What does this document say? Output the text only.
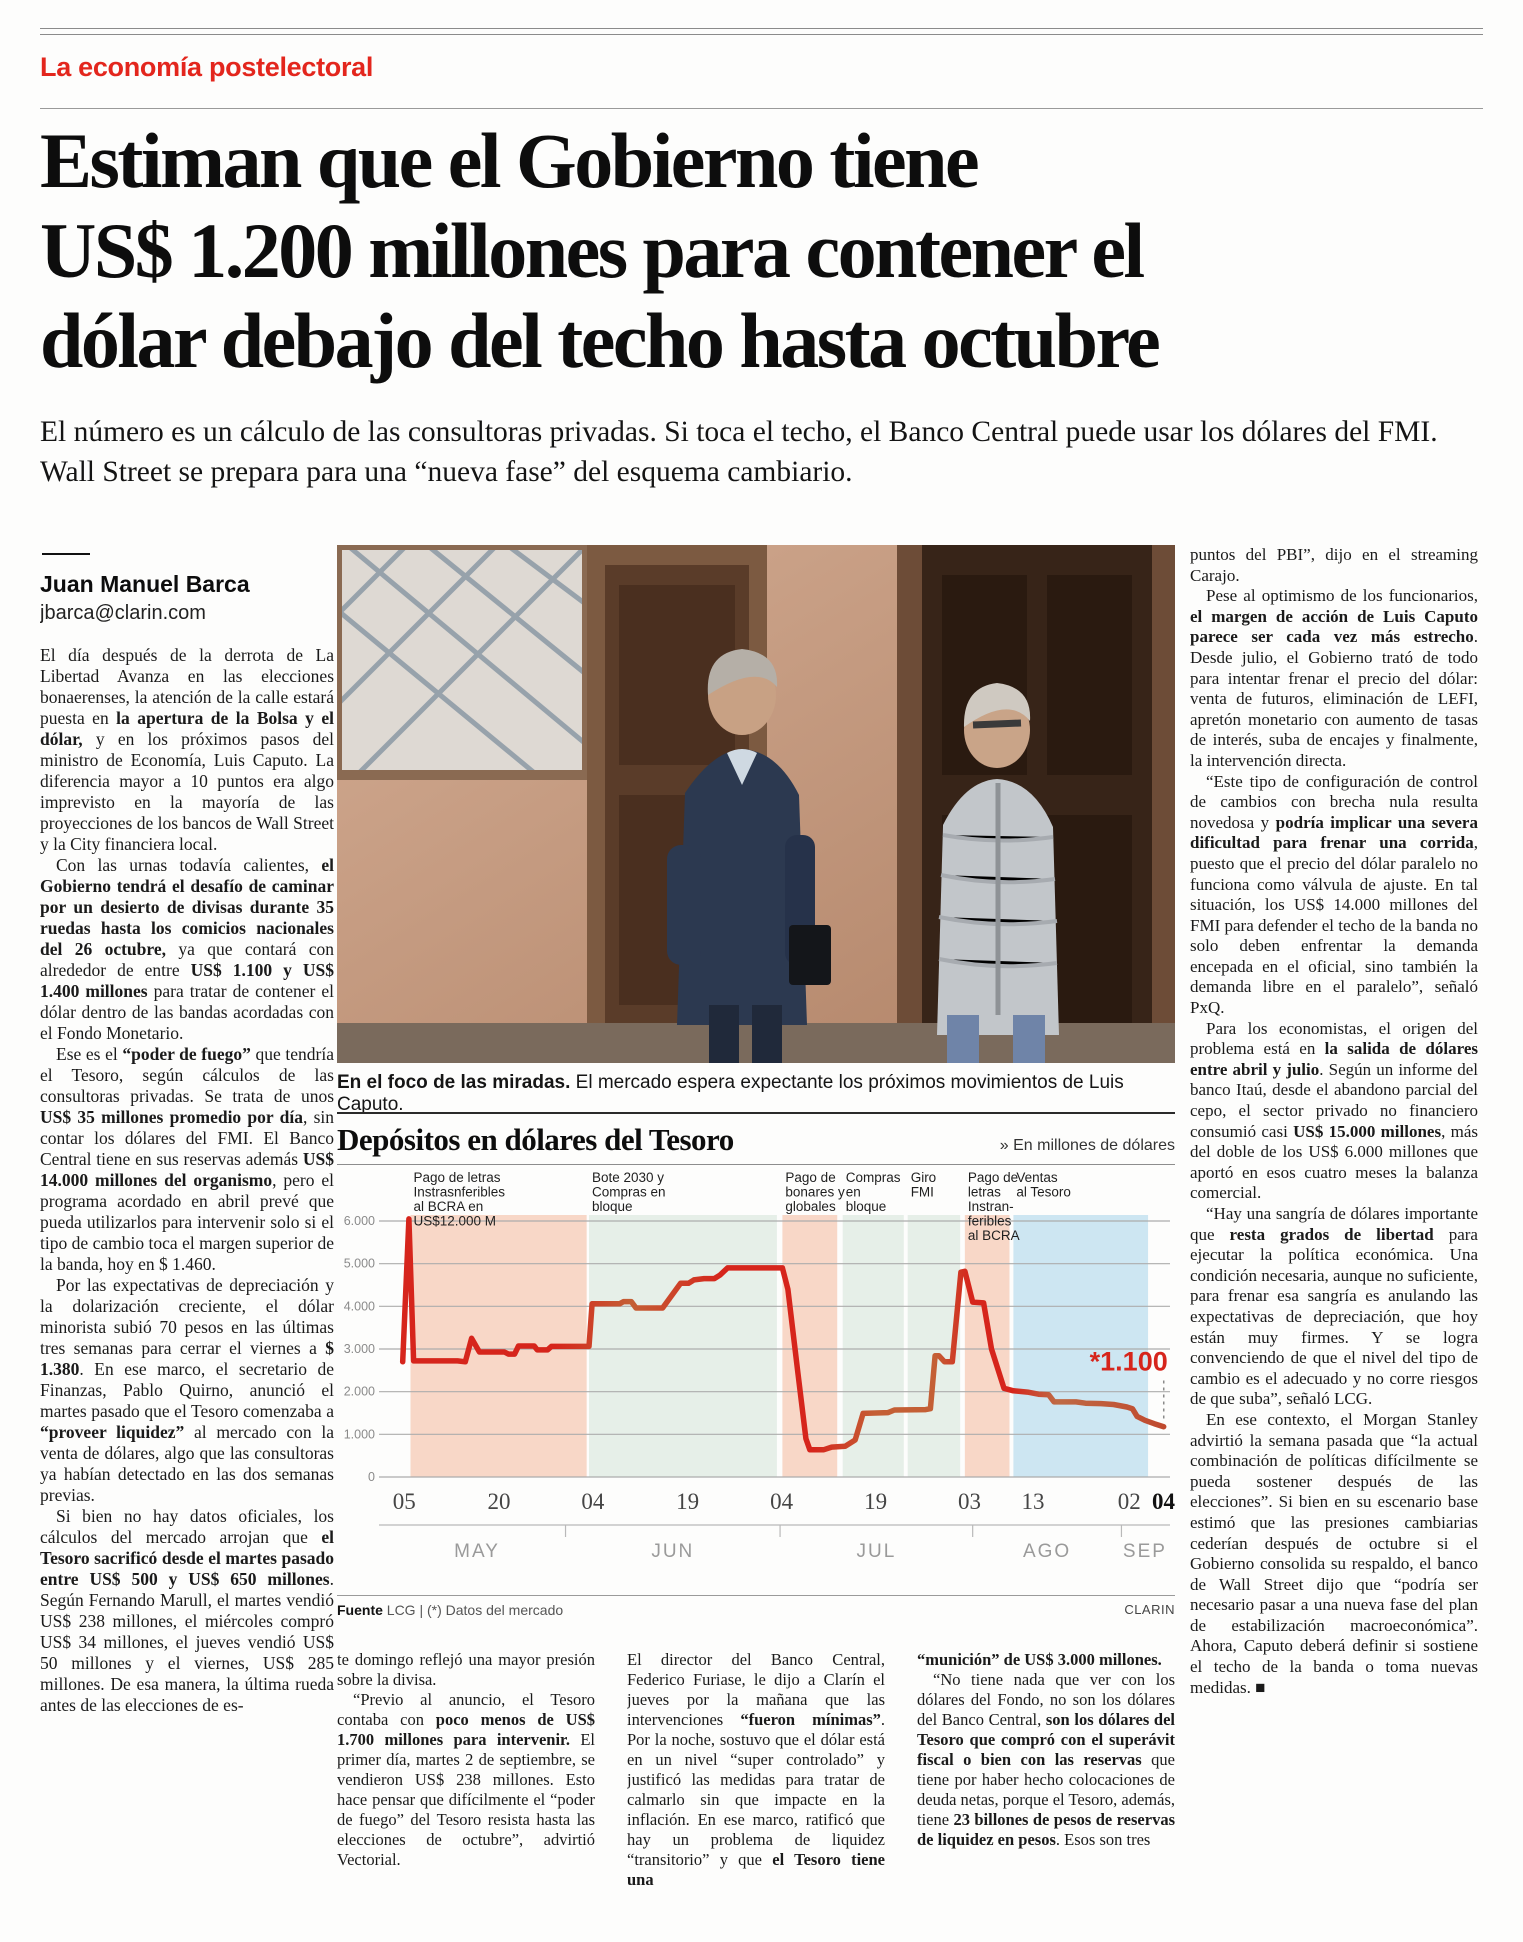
La economía postelectoral

Estiman que el Gobierno tiene

US$ 1.200 millones para contener el

dólar debajo del techo hasta octubre

El número es un cálculo de las consultoras privadas. Si toca el techo, el Banco Central puede usar los dólares del FMI. Wall Street se prepara para una “nueva fase” del esquema cambiario.
Juan Manuel Barca
jbarca@clarin.com

El día después de la derrota de La Libertad Avanza en las elecciones bonaerenses, la atención de la calle estará puesta en la apertura de la Bolsa y el dólar, y en los próximos pasos del ministro de Economía, Luis Caputo. La diferencia mayor a 10 puntos era algo imprevisto en la mayoría de las proyecciones de los bancos de Wall Street y la City financiera local.

Con las urnas todavía calientes, el Gobierno tendrá el desafío de caminar por un desierto de divisas durante 35 ruedas hasta los comicios nacionales del 26 octubre, ya que contará con alrededor de entre US$ 1.100 y US$ 1.400 millones para tratar de contener el dólar dentro de las bandas acordadas con el Fondo Monetario.

Ese es el “poder de fuego” que tendría el Tesoro, según cálculos de las consultoras privadas. Se trata de unos US$ 35 millones promedio por día, sin contar los dólares del FMI. El Banco Central tiene en sus reservas además US$ 14.000 millones del organismo, pero el programa acordado en abril prevé que pueda utilizarlos para intervenir solo si el tipo de cambio toca el margen superior de la banda, hoy en $ 1.460.

Por las expectativas de depreciación y la dolarización creciente, el dólar minorista subió 70 pesos en las últimas tres semanas para cerrar el viernes a $ 1.380. En ese marco, el secretario de Finanzas, Pablo Quirno, anunció el martes pasado que el Tesoro comenzaba a “proveer liquidez” al mercado con la venta de dólares, algo que las consultoras ya habían detectado en las dos semanas previas.

Si bien no hay datos oficiales, los cálculos del mercado arrojan que el Tesoro sacrificó desde el martes pasado entre US$ 500 y US$ 650 millones. Según Fernando Marull, el martes vendió US$ 238 millones, el miércoles compró US$ 34 millones, el jueves vendió US$ 50 millones y el viernes, US$ 285 millones. De esa manera, la última rueda antes de las elecciones de es-

En el foco de las miradas. El mercado espera expectante los próximos movimientos de Luis Caputo.
Depósitos en dólares del Tesoro	» En millones de dólares
0
1.000
2.000
3.000
4.000
5.000
6.000
Pago de letras
Instrasnferibles
al BCRA en
US$12.000 M
Bote 2030 y
Compras en
bloque
Pago de
bonares y
globales
Compras
en
bloque
Giro
FMI
Pago de
letras
Instran-
feribles
al BCRA
Ventas
al Tesoro
*1.100
05	20	04	19	04	19	03 13	02 04
MAY	JUN	JUL	AGO	SEP
Fuente LCG | (*) Datos del mercado	CLARIN

te domingo reflejó una mayor presión sobre la divisa.

“Previo al anuncio, el Tesoro contaba con poco menos de US$ 1.700 millones para intervenir. El primer día, martes 2 de septiembre, se vendieron US$ 238 millones. Esto hace pensar que difícilmente el “poder de fuego” del Tesoro resista hasta las elecciones de octubre”, advirtió Vectorial.

El director del Banco Central, Federico Furiase, le dijo a Clarín el jueves por la mañana que las intervenciones “fueron mínimas”. Por la noche, sostuvo que el dólar está en un nivel “super controlado” y justificó las medidas para tratar de calmarlo sin que impacte en la inflación. En ese marco, ratificó que hay un problema de liquidez “transitorio” y que el Tesoro tiene una

“munición” de US$ 3.000 millones.

“No tiene nada que ver con los dólares del Fondo, no son los dólares del Banco Central, son los dólares del Tesoro que compró con el superávit fiscal o bien con las reservas que tiene por haber hecho colocaciones de deuda netas, porque el Tesoro, además, tiene 23 billones de pesos de reservas de liquidez en pesos. Esos son tres

puntos del PBI”, dijo en el streaming Carajo.

Pese al optimismo de los funcionarios, el margen de acción de Luis Caputo parece ser cada vez más estrecho. Desde julio, el Gobierno trató de todo para intentar frenar el precio del dólar: venta de futuros, eliminación de LEFI, apretón monetario con aumento de tasas de interés, suba de encajes y finalmente, la intervención directa.

“Este tipo de configuración de control de cambios con brecha nula resulta novedosa y podría implicar una severa dificultad para frenar una corrida, puesto que el precio del dólar paralelo no funciona como válvula de ajuste. En tal situación, los US$ 14.000 millones del FMI para defender el techo de la banda no solo deben enfrentar la demanda encepada en el oficial, sino también la demanda libre en el paralelo”, señaló PxQ.

Para los economistas, el origen del problema está en la salida de dólares entre abril y julio. Según un informe del banco Itaú, desde el abandono parcial del cepo, el sector privado no financiero consumió casi US$ 15.000 millones, más del doble de los US$ 6.000 millones que aportó en esos cuatro meses la balanza comercial.

“Hay una sangría de dólares importante que resta grados de libertad para ejecutar la política económica. Una condición necesaria, aunque no suficiente, para frenar esa sangría es anulando las expectativas de depreciación, que hoy están muy firmes. Y se logra convenciendo de que el nivel del tipo de cambio es el adecuado y no corre riesgos de que suba”, señaló LCG.

En ese contexto, el Morgan Stanley advirtió la semana pasada que “la actual combinación de políticas difícilmente se pueda sostener después de las elecciones”. Si bien en su escenario base estimó que las presiones cambiarias cederían después de octubre si el Gobierno consolida su respaldo, el banco de Wall Street dijo que “podría ser necesario pasar a una nueva fase del plan de estabilización macroeconómica”. Ahora, Caputo deberá definir si sostiene el techo de la banda o toma nuevas medidas. ■
